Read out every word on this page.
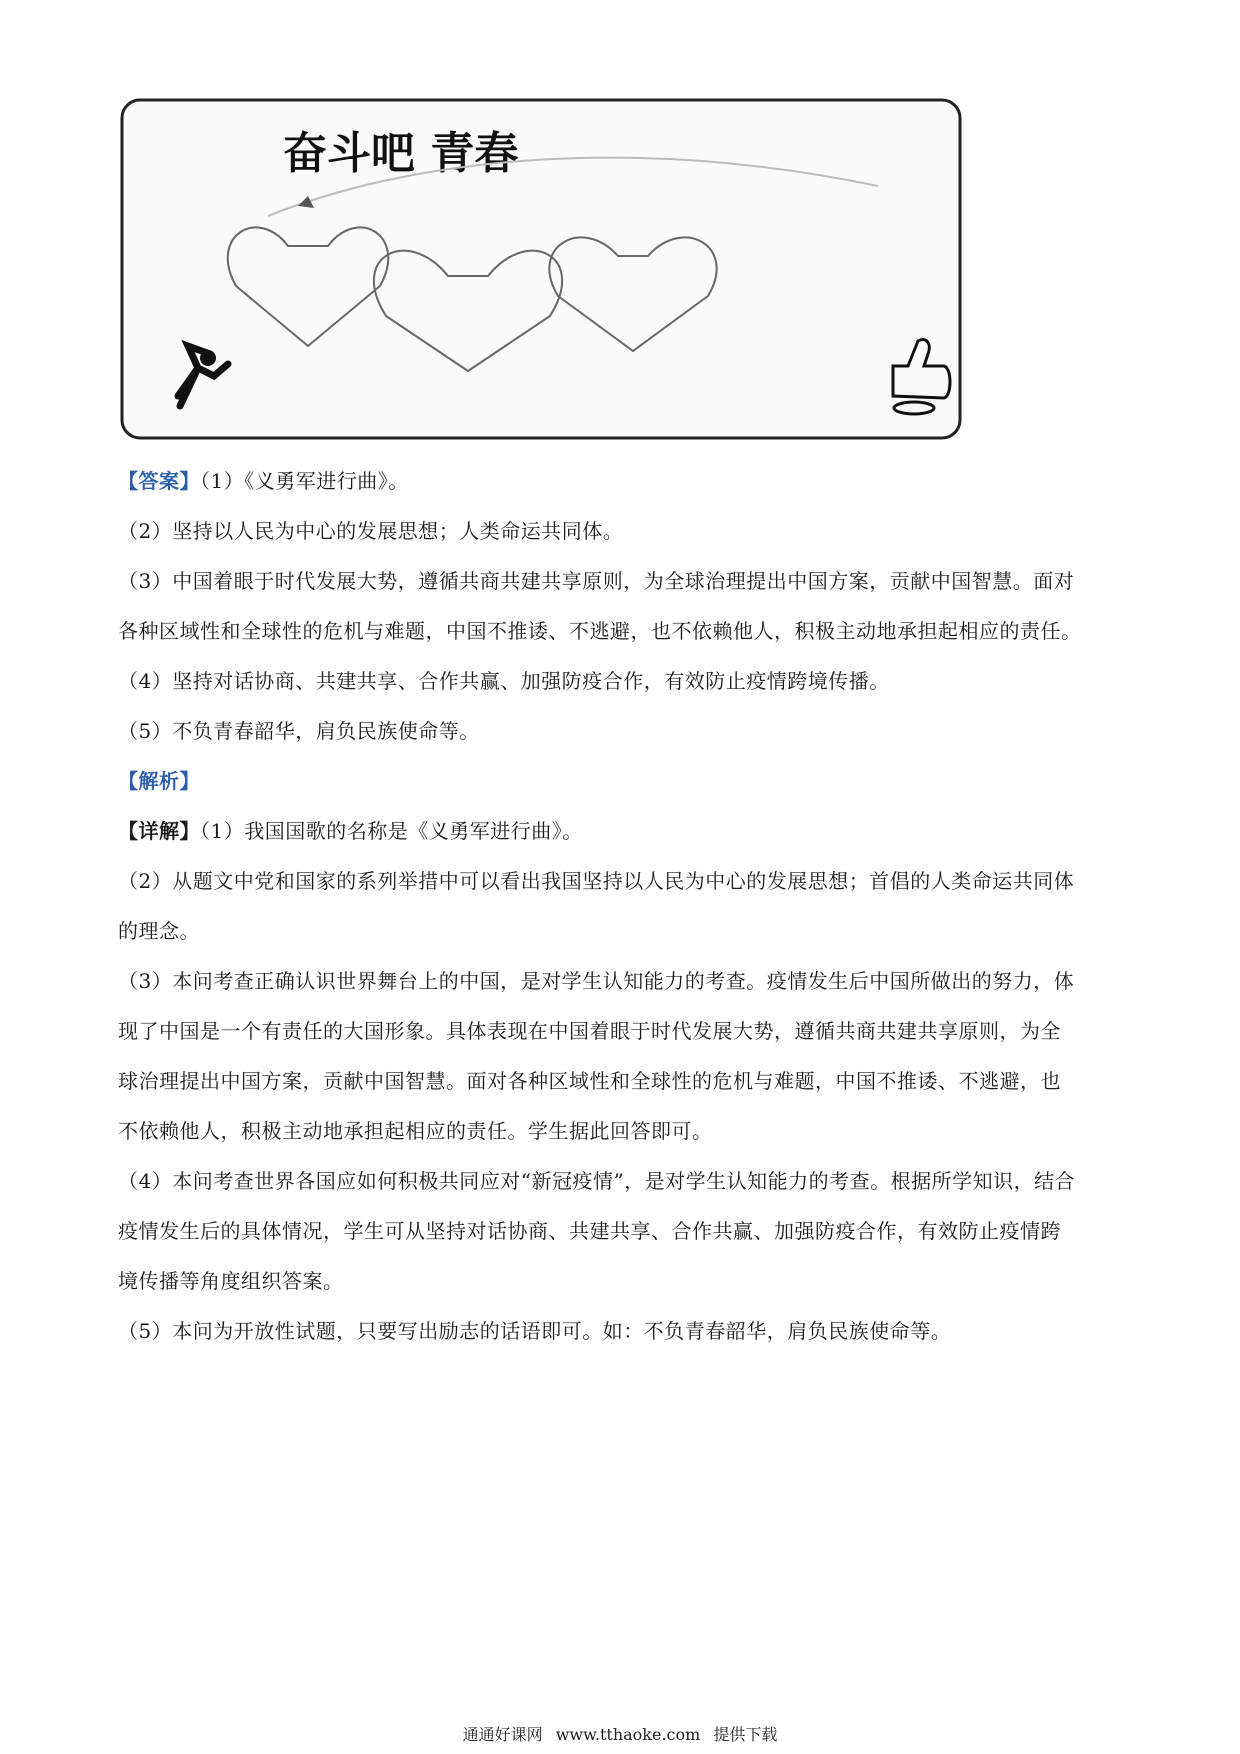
奋斗吧 青春
【答案】（1）《义勇军进行曲》。
（2）坚持以人民为中心的发展思想；人类命运共同体。
（3）中国着眼于时代发展大势，遵循共商共建共享原则，为全球治理提出中国方案，贡献中国智慧。面对
各种区域性和全球性的危机与难题，中国不推诿、不逃避，也不依赖他人，积极主动地承担起相应的责任。
（4）坚持对话协商、共建共享、合作共赢、加强防疫合作，有效防止疫情跨境传播。
（5）不负青春韶华，肩负民族使命等。
【解析】
【详解】（1）我国国歌的名称是《义勇军进行曲》。
（2）从题文中党和国家的系列举措中可以看出我国坚持以人民为中心的发展思想；首倡的人类命运共同体
的理念。
（3）本问考查正确认识世界舞台上的中国，是对学生认知能力的考查。疫情发生后中国所做出的努力，体
现了中国是一个有责任的大国形象。具体表现在中国着眼于时代发展大势，遵循共商共建共享原则，为全
球治理提出中国方案，贡献中国智慧。面对各种区域性和全球性的危机与难题，中国不推诿、不逃避，也
不依赖他人，积极主动地承担起相应的责任。学生据此回答即可。
（4）本问考查世界各国应如何积极共同应对“新冠疫情”，是对学生认知能力的考查。根据所学知识，结合
疫情发生后的具体情况，学生可从坚持对话协商、共建共享、合作共赢、加强防疫合作，有效防止疫情跨
境传播等角度组织答案。
（5）本问为开放性试题，只要写出励志的话语即可。如：不负青春韶华，肩负民族使命等。
通通好课网 www.tthaoke.com 提供下载
